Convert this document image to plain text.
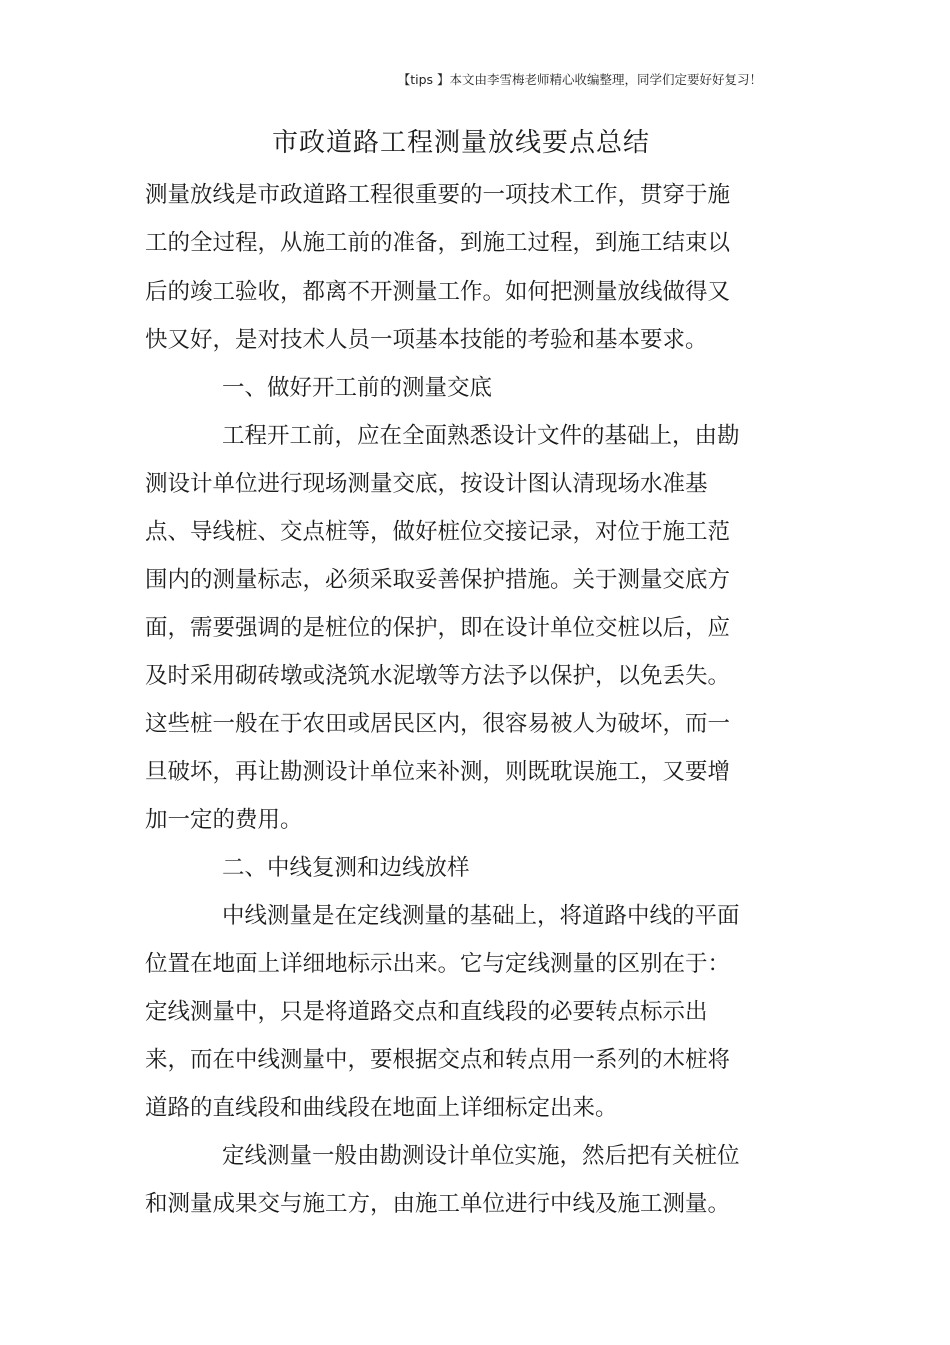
【tips 】本文由李雪梅老师精心收编整理，同学们定要好好复习！
市政道路工程测量放线要点总结
测量放线是市政道路工程很重要的一项技术工作，贯穿于施
工的全过程，从施工前的准备，到施工过程，到施工结束以
后的竣工验收，都离不开测量工作。如何把测量放线做得又
快又好，是对技术人员一项基本技能的考验和基本要求。
一、做好开工前的测量交底
工程开工前，应在全面熟悉设计文件的基础上，由勘
测设计单位进行现场测量交底，按设计图认清现场水准基
点、导线桩、交点桩等，做好桩位交接记录，对位于施工范
围内的测量标志，必须采取妥善保护措施。关于测量交底方
面，需要强调的是桩位的保护，即在设计单位交桩以后，应
及时采用砌砖墩或浇筑水泥墩等方法予以保护，以免丢失。
这些桩一般在于农田或居民区内，很容易被人为破坏，而一
旦破坏，再让勘测设计单位来补测，则既耽误施工，又要增
加一定的费用。
二、中线复测和边线放样
中线测量是在定线测量的基础上，将道路中线的平面
位置在地面上详细地标示出来。它与定线测量的区别在于：
定线测量中，只是将道路交点和直线段的必要转点标示出
来，而在中线测量中，要根据交点和转点用一系列的木桩将
道路的直线段和曲线段在地面上详细标定出来。
定线测量一般由勘测设计单位实施，然后把有关桩位
和测量成果交与施工方，由施工单位进行中线及施工测量。
